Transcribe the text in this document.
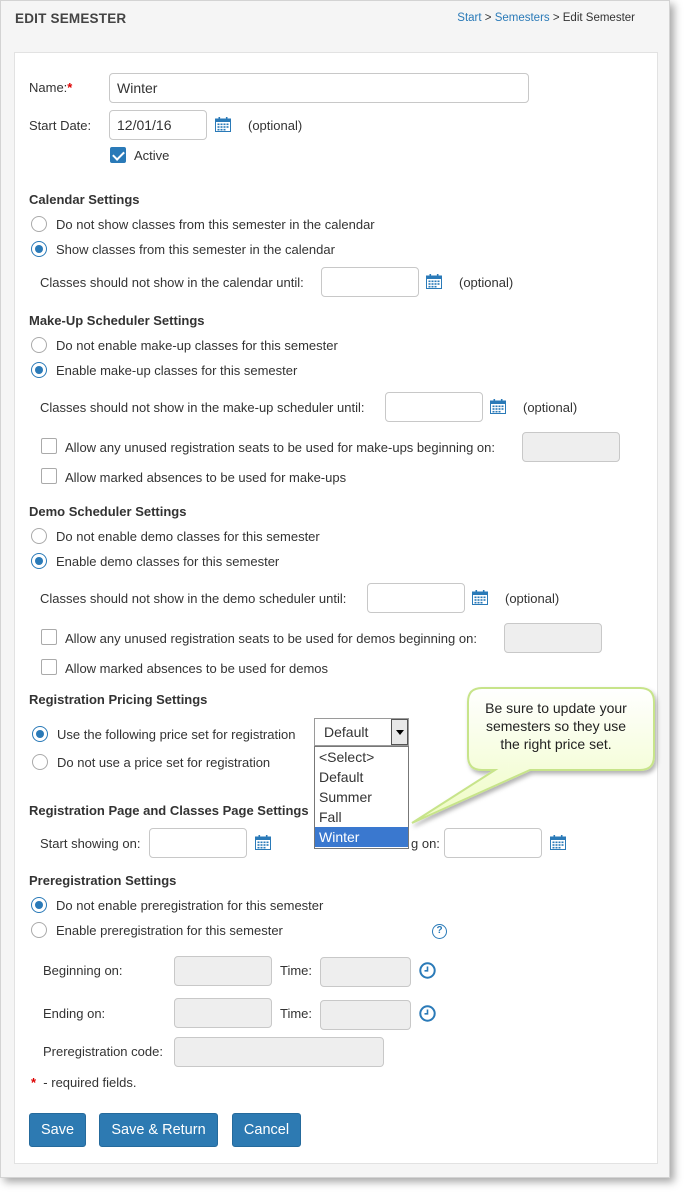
EDIT SEMESTER	Start > Semesters > Edit Semester
Name:*	Winter
Start Date:	12/01/16	(optional)
Active
Calendar Settings
Do not show classes from this semester in the calendar
Show classes from this semester in the calendar
Classes should not show in the calendar until:	(optional)
Make-Up Scheduler Settings
Do not enable make-up classes for this semester
Enable make-up classes for this semester
Classes should not show in the make-up scheduler until:	(optional)
Allow any unused registration seats to be used for make-ups beginning on:
Allow marked absences to be used for make-ups
Demo Scheduler Settings
Do not enable demo classes for this semester
Enable demo classes for this semester
Classes should not show in the demo scheduler until:	(optional)
Allow any unused registration seats to be used for demos beginning on:
Allow marked absences to be used for demos
Registration Pricing Settings
Use the following price set for registration	Default
<Select>
Default
Summer
Fall
Winter
Do not use a price set for registration
Registration Page and Classes Page Settings
Start showing on:	g on:
Preregistration Settings
Do not enable preregistration for this semester
Enable preregistration for this semester	?
Beginning on:	Time:
Ending on:	Time:
Preregistration code:
* - required fields.
Save	Save & Return	Cancel
Be sure to update your semesters so they use the right price set.
